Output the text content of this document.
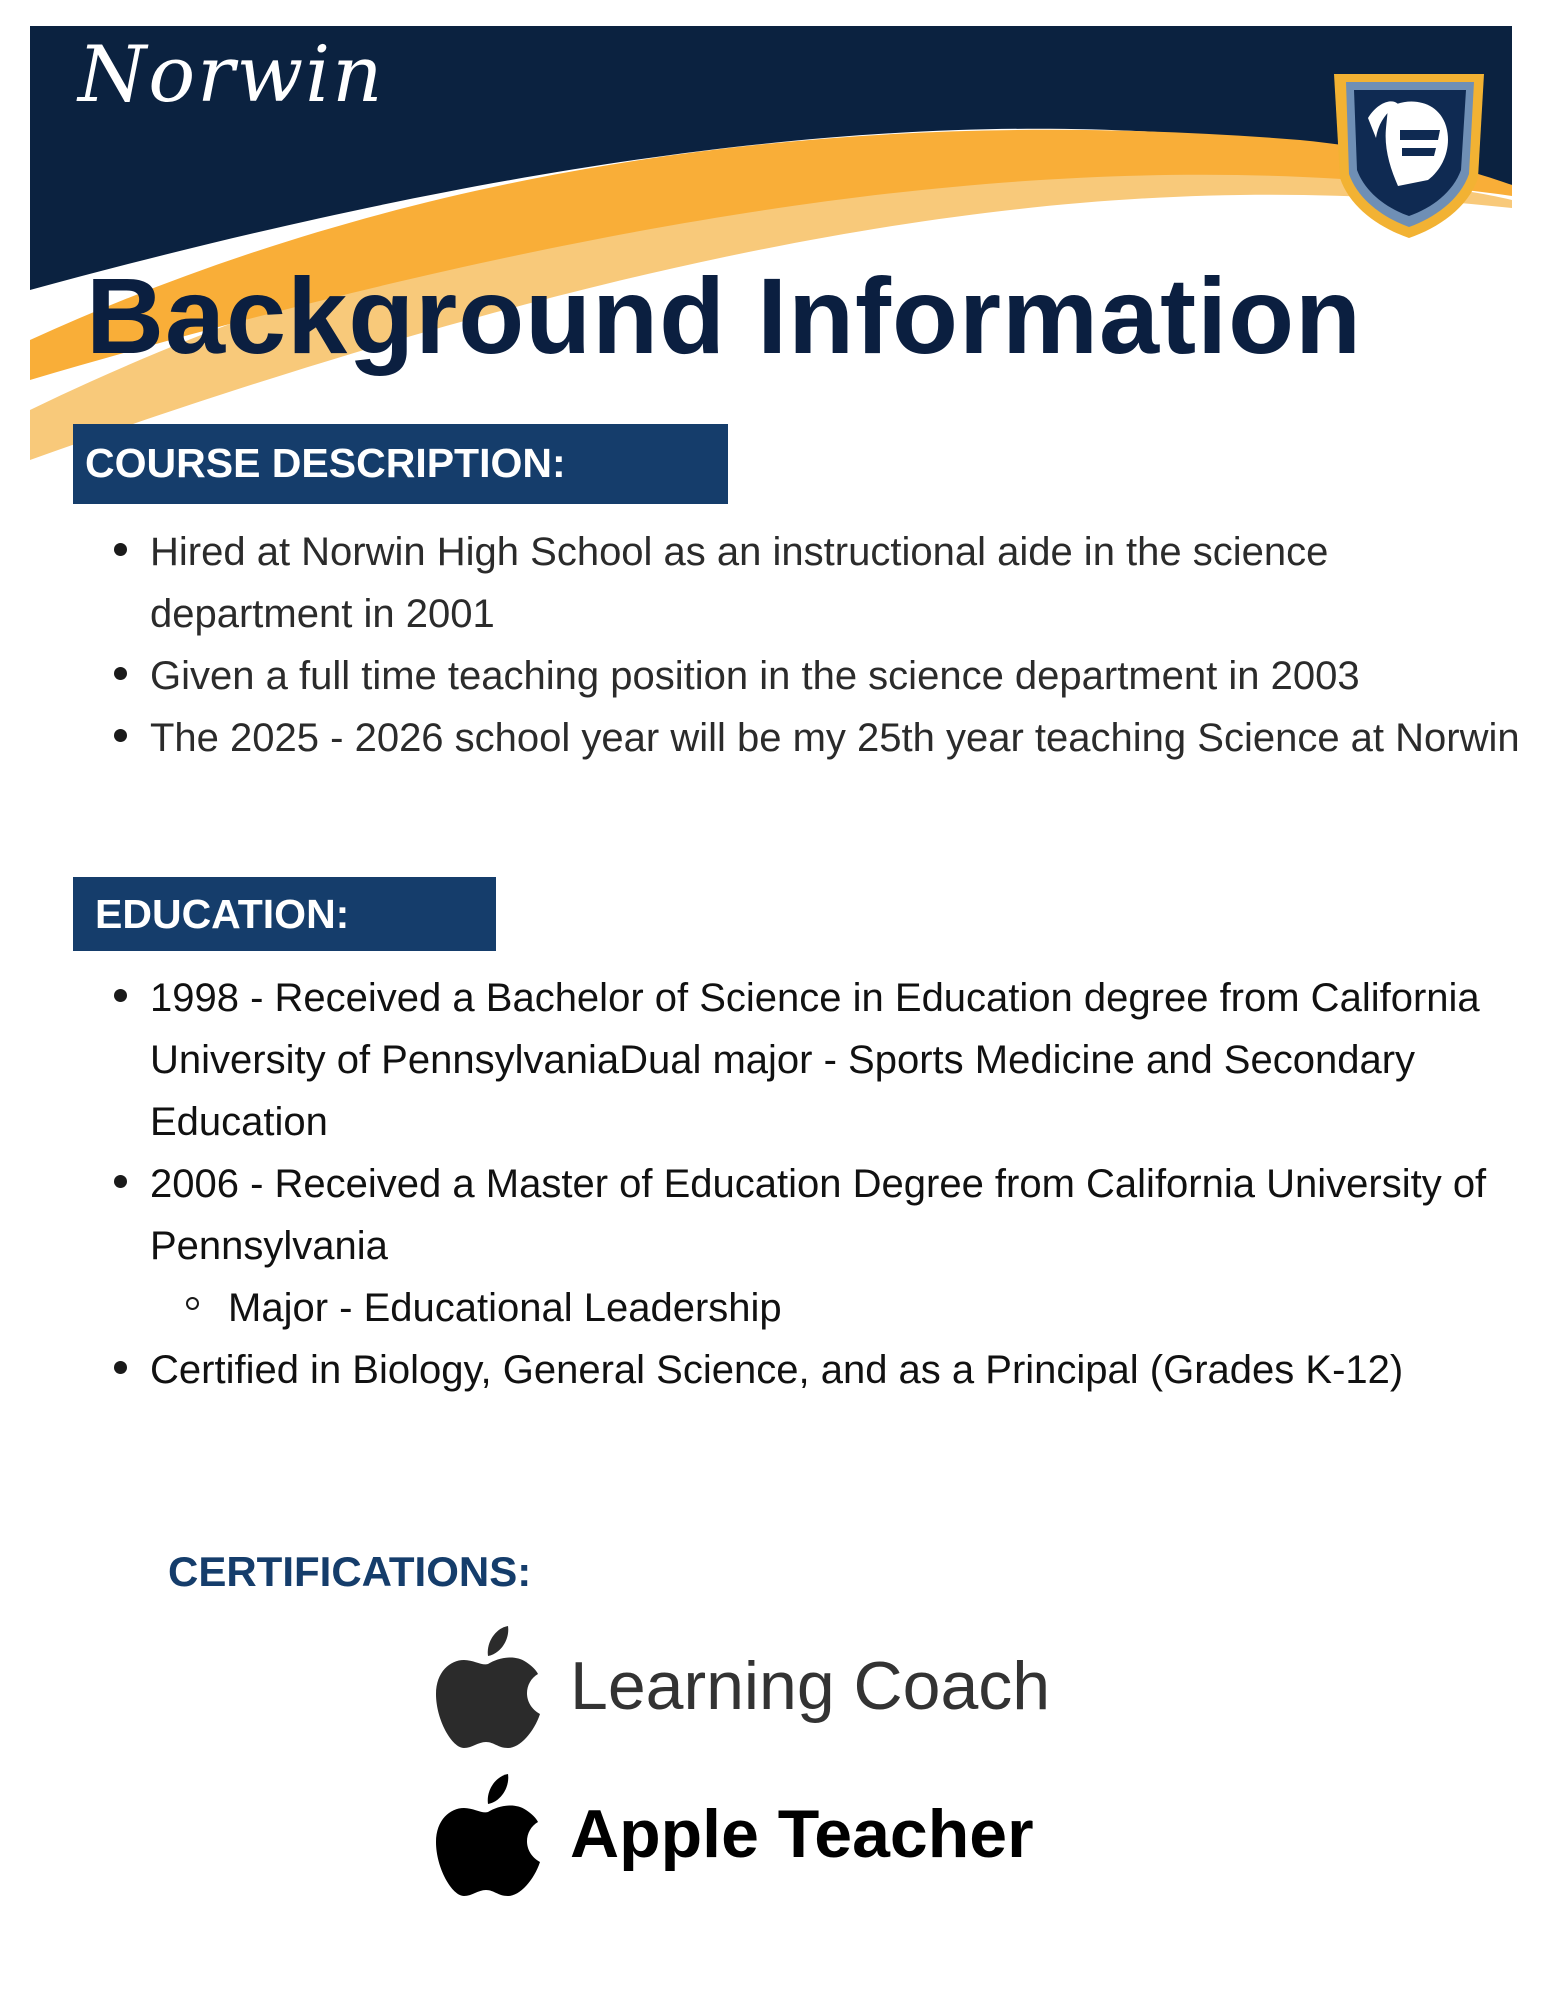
Norwin
Background Information
COURSE DESCRIPTION:
Hired at Norwin High School as an instructional aide in the science department in 2001
Given a full time teaching position in the science department in 2003
The 2025 - 2026 school year will be my 25th year teaching Science at Norwin
EDUCATION:
1998 - Received a Bachelor of Science in Education degree from California University of PennsylvaniaDual major - Sports Medicine and Secondary Education
2006 - Received a Master of Education Degree from California University of Pennsylvania
Major - Educational Leadership
Certified in Biology, General Science, and as a Principal (Grades K-12)
CERTIFICATIONS:
Learning Coach
Apple Teacher
